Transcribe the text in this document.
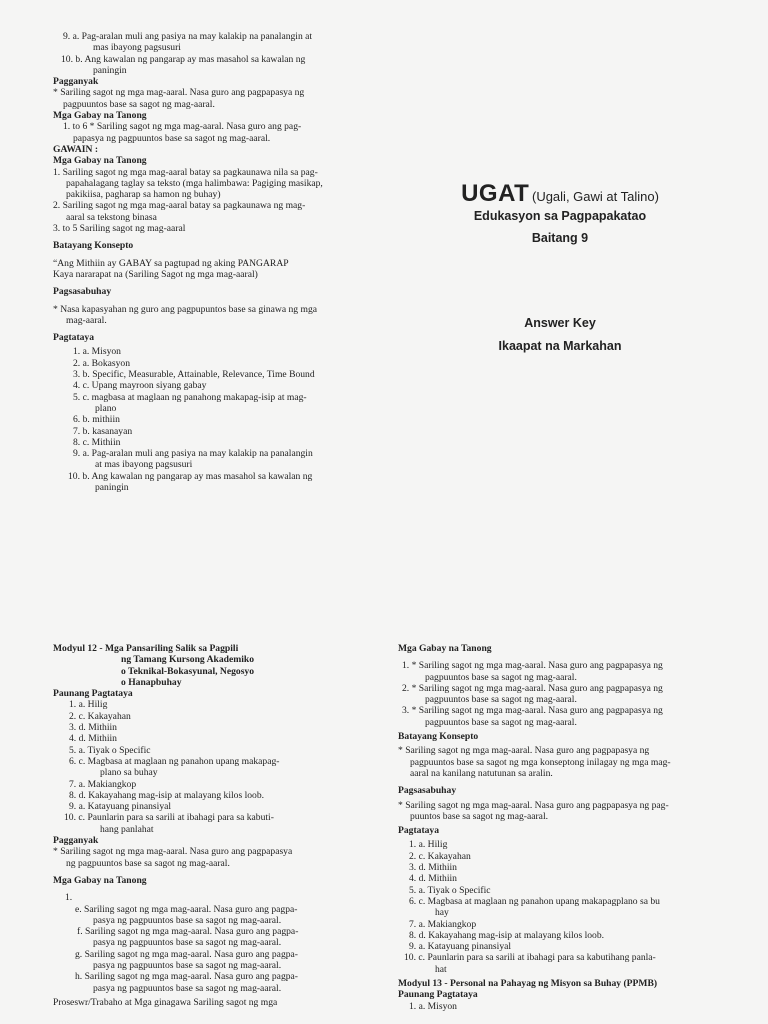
UGAT (Ugali, Gawi at Talino)
Edukasyon sa Pagpapakatao
Baitang 9
Answer Key
Ikaapat na Markahan
9. a. Pag-aralan muli ang pasiya na may kalakip na panalangin at
mas ibayong pagsusuri
10. b. Ang kawalan ng pangarap ay mas masahol sa kawalan ng
paningin
Pagganyak
* Sariling sagot ng mga mag-aaral. Nasa guro ang pagpapasya ng
pagpuuntos base sa sagot ng mag-aaral.
Mga Gabay na Tanong
1. to 6 * Sariling sagot ng mga mag-aaral. Nasa guro ang pag-
papasya ng pagpuuntos base sa sagot ng mag-aaral.
GAWAIN :
Mga Gabay na Tanong
1. Sariling sagot ng mga mag-aaral batay sa pagkaunawa nila sa pag-
papahalagang taglay sa teksto (mga halimbawa: Pagiging masikap,
pakikiisa, pagharap sa hamon ng buhay)
2. Sariling sagot ng mga mag-aaral batay sa pagkaunawa ng mag-
aaral sa tekstong binasa
3. to 5 Sariling sagot ng mag-aaral
Batayang Konsepto
“Ang Mithiin ay GABAY sa pagtupad ng aking PANGARAP
Kaya nararapat na (Sariling Sagot ng mga mag-aaral)
Pagsasabuhay
* Nasa kapasyahan ng guro ang pagpupuntos base sa ginawa ng mga
mag-aaral.
Pagtataya
1. a. Misyon
2. a. Bokasyon
3. b. Specific, Measurable, Attainable, Relevance, Time Bound
4. c. Upang mayroon siyang gabay
5. c. magbasa at maglaan ng panahong makapag-isip at mag-
plano
6. b. mithiin
7. b. kasanayan
8. c. Mithiin
9. a. Pag-aralan muli ang pasiya na may kalakip na panalangin
at mas ibayong pagsusuri
10. b. Ang kawalan ng pangarap ay mas masahol sa kawalan ng
paningin
Modyul 12 - Mga Pansariling Salik sa Pagpili
ng Tamang Kursong Akademiko
o Teknikal-Bokasyunal, Negosyo
o Hanapbuhay
Paunang Pagtataya
1. a. Hilig
2. c. Kakayahan
3. d. Mithiin
4. d. Mithiin
5. a. Tiyak o Specific
6. c. Magbasa at maglaan ng panahon upang makapag-
plano sa buhay
7. a. Makiangkop
8. d. Kakayahang mag-isip at malayang kilos loob.
9. a. Katayuang pinansiyal
10. c. Paunlarin para sa sarili at ibahagi para sa kabuti-
hang panlahat
Pagganyak
* Sariling sagot ng mga mag-aaral. Nasa guro ang pagpapasya
ng pagpuuntos base sa sagot ng mag-aaral.
Mga Gabay na Tanong
1.
e. Sariling sagot ng mga mag-aaral. Nasa guro ang pagpa-
pasya ng pagpuuntos base sa sagot ng mag-aaral.
f. Sariling sagot ng mga mag-aaral. Nasa guro ang pagpa-
pasya ng pagpuuntos base sa sagot ng mag-aaral.
g. Sariling sagot ng mga mag-aaral. Nasa guro ang pagpa-
pasya ng pagpuuntos base sa sagot ng mag-aaral.
h. Sariling sagot ng mga mag-aaral. Nasa guro ang pagpa-
pasya ng pagpuuntos base sa sagot ng mag-aaral.
Proseswr/Trabaho at Mga ginagawa Sariling sagot ng mga
Mga Gabay na Tanong
1. * Sariling sagot ng mga mag-aaral. Nasa guro ang pagpapasya ng
pagpuuntos base sa sagot ng mag-aaral.
2. * Sariling sagot ng mga mag-aaral. Nasa guro ang pagpapasya ng
pagpuuntos base sa sagot ng mag-aaral.
3. * Sariling sagot ng mga mag-aaral. Nasa guro ang pagpapasya ng
pagpuuntos base sa sagot ng mag-aaral.
Batayang Konsepto
* Sariling sagot ng mga mag-aaral. Nasa guro ang pagpapasya ng
pagpuuntos base sa sagot ng mga konseptong inilagay ng mga mag-
aaral na kanilang natutunan sa aralin.
Pagsasabuhay
* Sariling sagot ng mga mag-aaral. Nasa guro ang pagpapasya ng pag-
puuntos base sa sagot ng mag-aaral.
Pagtataya
1. a. Hilig
2. c. Kakayahan
3. d. Mithiin
4. d. Mithiin
5. a. Tiyak o Specific
6. c. Magbasa at maglaan ng panahon upang makapagplano sa bu
hay
7. a. Makiangkop
8. d. Kakayahang mag-isip at malayang kilos loob.
9. a. Katayuang pinansiyal
10. c. Paunlarin para sa sarili at ibahagi para sa kabutihang panla-
hat
Modyul 13 - Personal na Pahayag ng Misyon sa Buhay (PPMB)
Paunang Pagtataya
1. a. Misyon
